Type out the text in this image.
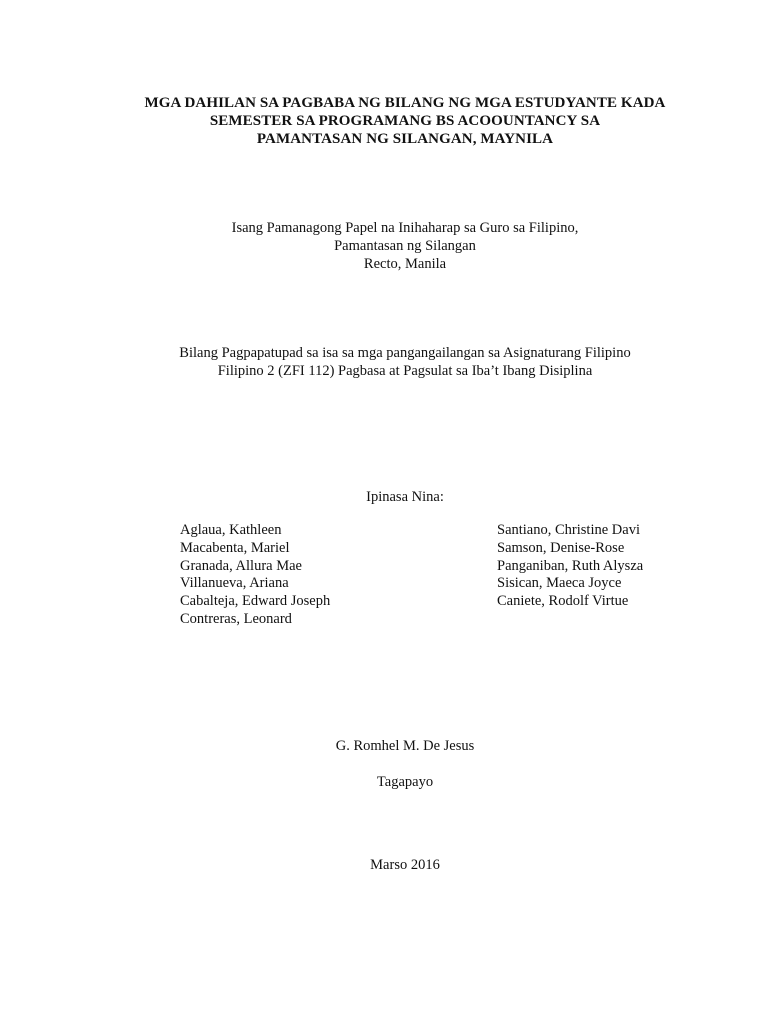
MGA DAHILAN SA PAGBABA NG BILANG NG MGA ESTUDYANTE KADA
SEMESTER SA PROGRAMANG BS ACOOUNTANCY SA
PAMANTASAN NG SILANGAN, MAYNILA
Isang Pamanagong Papel na Inihaharap sa Guro sa Filipino,
Pamantasan ng Silangan
Recto, Manila
Bilang Pagpapatupad sa isa sa mga pangangailangan sa Asignaturang Filipino
Filipino 2 (ZFI 112) Pagbasa at Pagsulat sa Iba’t Ibang Disiplina
Ipinasa Nina:
Aglaua, Kathleen
Macabenta, Mariel
Granada, Allura Mae
Villanueva, Ariana
Cabalteja, Edward Joseph
Contreras, Leonard
Santiano, Christine Davi
Samson, Denise-Rose
Panganiban, Ruth Alysza
Sisican, Maeca Joyce
Caniete, Rodolf Virtue
G. Romhel M. De Jesus
Tagapayo
Marso 2016
